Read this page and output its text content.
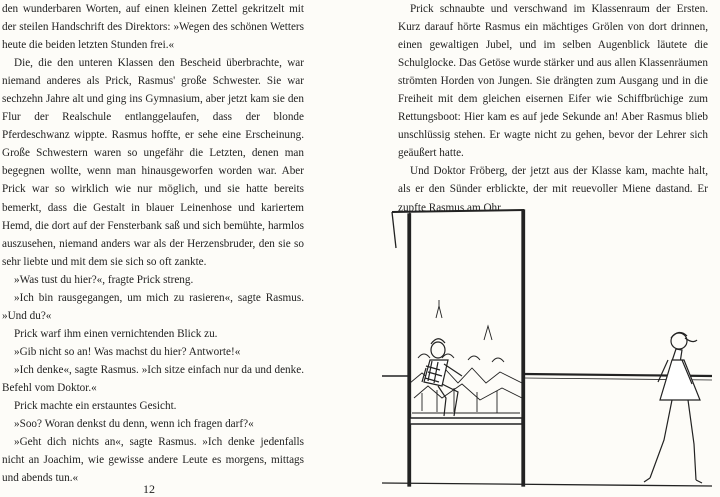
den wunderbaren Worten, auf einen kleinen Zettel gekritzelt mit der steilen Handschrift des Direktors: »Wegen des schönen Wetters heute die beiden letzten Stunden frei.«

Die, die den unteren Klassen den Bescheid überbrachte, war niemand anderes als Prick, Rasmus' große Schwester. Sie war sechzehn Jahre alt und ging ins Gymnasium, aber jetzt kam sie den Flur der Realschule entlanggelaufen, dass der blonde Pferdeschwanz wippte. Rasmus hoffte, er sehe eine Erscheinung. Große Schwestern waren so ungefähr die Letzten, denen man begegnen wollte, wenn man hinausgeworfen worden war. Aber Prick war so wirklich wie nur möglich, und sie hatte bereits bemerkt, dass die Gestalt in blauer Leinenhose und kariertem Hemd, die dort auf der Fensterbank saß und sich bemühte, harmlos auszusehen, niemand anders war als der Herzensbruder, den sie so sehr liebte und mit dem sie sich so oft zankte.

»Was tust du hier?«, fragte Prick streng.

»Ich bin rausgegangen, um mich zu rasieren«, sagte Rasmus. »Und du?«

Prick warf ihm einen vernichtenden Blick zu.

»Gib nicht so an! Was machst du hier? Antworte!«

»Ich denke«, sagte Rasmus. »Ich sitze einfach nur da und denke. Befehl vom Doktor.«

Prick machte ein erstauntes Gesicht.

»Soo? Woran denkst du denn, wenn ich fragen darf?«

»Geht dich nichts an«, sagte Rasmus. »Ich denke jedenfalls nicht an Joachim, wie gewisse andere Leute es morgens, mittags und abends tun.«

12

Prick schnaubte und verschwand im Klassenraum der Ersten. Kurz darauf hörte Rasmus ein mächtiges Grölen von dort drinnen, einen gewaltigen Jubel, und im selben Augenblick läutete die Schulglocke. Das Getöse wurde stärker und aus allen Klassenräumen strömten Horden von Jungen. Sie drängten zum Ausgang und in die Freiheit mit dem gleichen eisernen Eifer wie Schiffbrüchige zum Rettungsboot: Hier kam es auf jede Sekunde an! Aber Rasmus blieb unschlüssig stehen. Er wagte nicht zu gehen, bevor der Lehrer sich geäußert hatte.

Und Doktor Fröberg, der jetzt aus der Klasse kam, machte halt, als er den Sünder erblickte, der mit reuevoller Miene dastand. Er zupfte Rasmus am Ohr.
